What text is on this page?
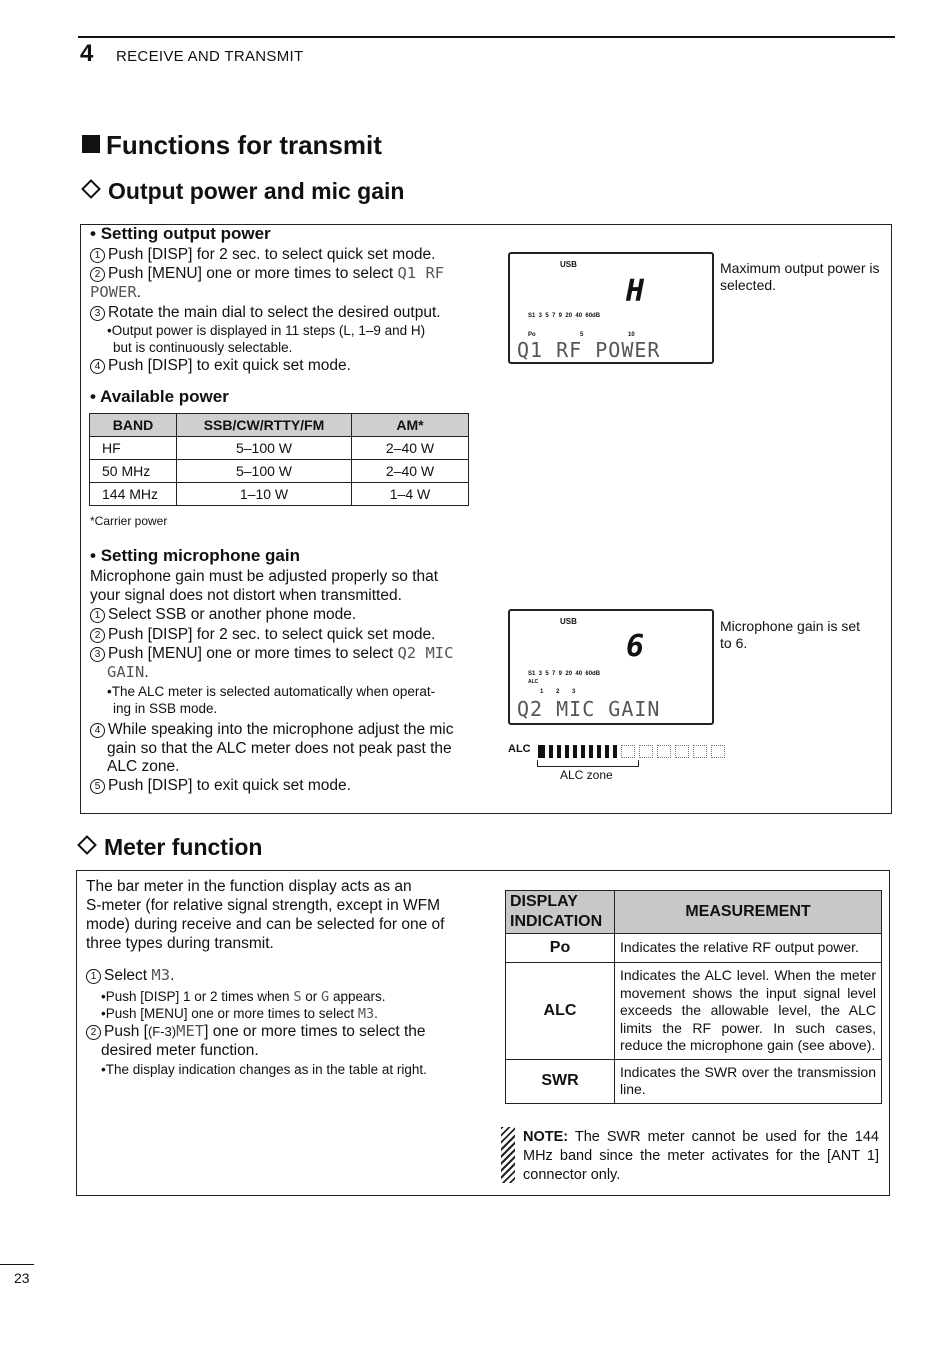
4 RECEIVE AND TRANSMIT
Functions for transmit
Output power and mic gain
• Setting output power
1 Push [DISP] for 2 sec. to select quick set mode.
2 Push [MENU] one or more times to select Q1 RF POWER.
3 Rotate the main dial to select the desired output.
•Output power is displayed in 11 steps (L, 1–9 and H)
but is continuously selectable.
4 Push [DISP] to exit quick set mode.
• Available power
BAND	SSB/CW/RTTY/FM	AM*
HF	5–100 W	2–40 W
50 MHz	5–100 W	2–40 W
144 MHz	1–10 W	1–4 W
*Carrier power
• Setting microphone gain
Microphone gain must be adjusted properly so that
your signal does not distort when transmitted.
1 Select SSB or another phone mode.
2 Push [DISP] for 2 sec. to select quick set mode.
3 Push [MENU] one or more times to select Q2 MIC
GAIN.
•The ALC meter is selected automatically when operat-
ing in SSB mode.
4 While speaking into the microphone adjust the mic
gain so that the ALC meter does not peak past the
ALC zone.
5 Push [DISP] to exit quick set mode.
USB
H
S1  3  5  7  9  20  40  60dB
Po	5	10
Q1 RF POWER
Maximum output power is selected.
USB
6
S1  3  5  7  9  20  40  60dB
ALC
1 2 3
Q2 MIC GAIN
Microphone gain is set to 6.
ALC
ALC zone
Meter function
The bar meter in the function display acts as an
S-meter (for relative signal strength, except in WFM
mode) during receive and can be selected for one of
three types during transmit.
1 Select M3.
•Push [DISP] 1 or 2 times when S or G appears.
•Push [MENU] one or more times to select M3.
2 Push [(F-3)MET] one or more times to select the
desired meter function.
•The display indication changes as in the table at right.
DISPLAY
INDICATION	MEASUREMENT
Po	Indicates the relative RF output power.
ALC	Indicates the ALC level. When the meter movement shows the input signal level exceeds the allowable level, the ALC limits the RF power. In such cases, reduce the microphone gain (see above).
SWR	Indicates the SWR over the transmission line.
NOTE: The SWR meter cannot be used for the 144 MHz band since the meter activates for the [ANT 1] connector only.
23
